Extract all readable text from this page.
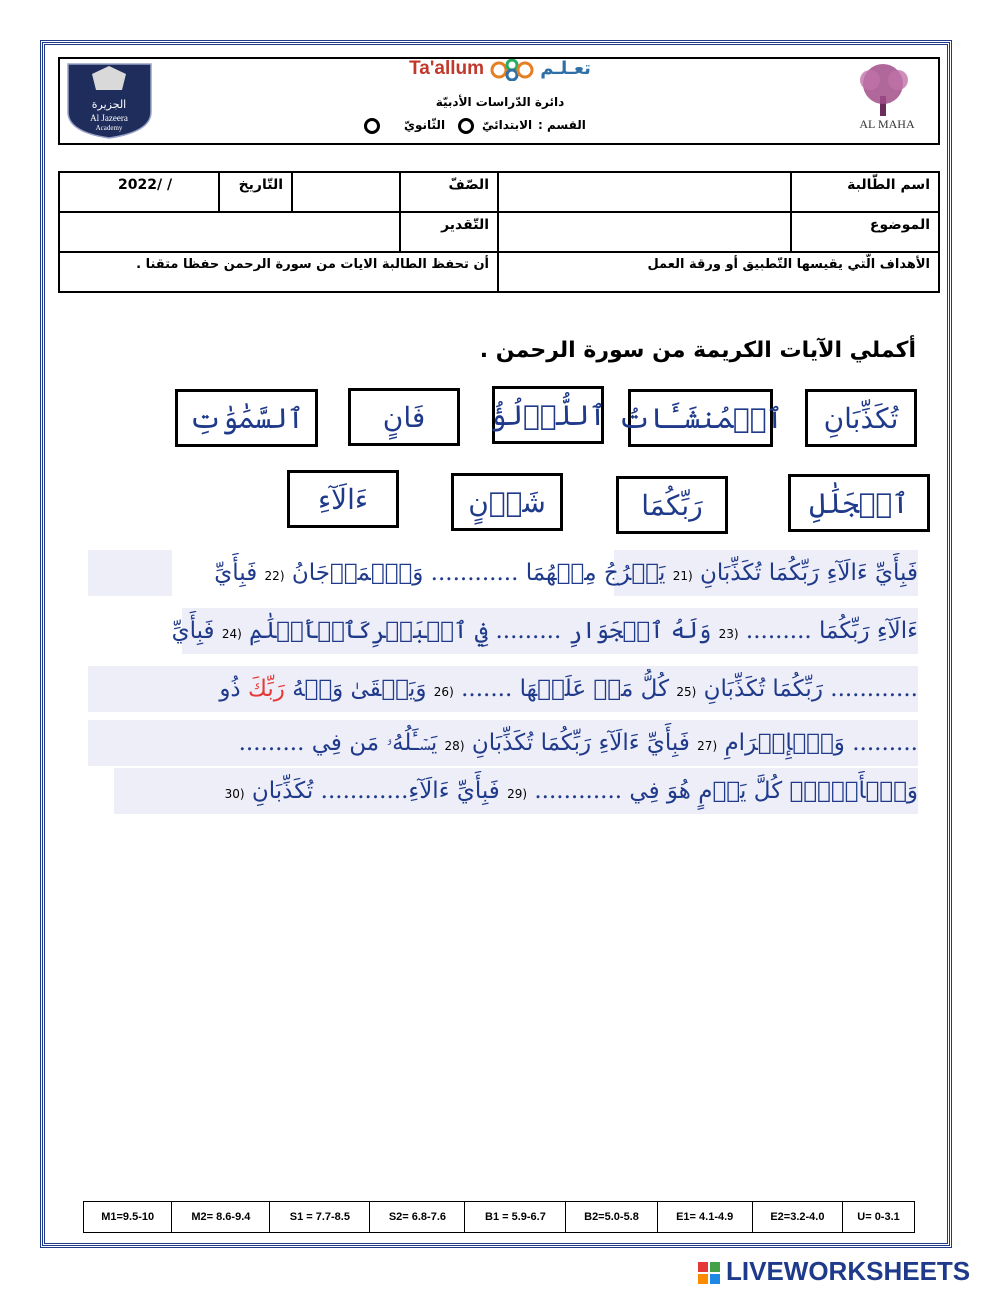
الجزيرة
Al Jazeera
Academy
Ta'allum	تعـلـم
دائرة الدّراسات الأدبيّة
القسم :
الابتدائيّ
الثّانويّ	AL MAHA
اسم الطّالبة		الصّفّ		التّاريخ	2022/ /
الموضوع		التّقدير			
الأهداف الّتي يقيسها التّطبيق أو ورقة العمل		أن تحفظ الطالبة الايات من سورة الرحمن حفظا متقنا .			
أكملي الآيات الكريمة من سورة الرحمن .
تُكَذِّبَانِ
ٱلۡمُنشَـَٔاتُ
ٱللُّؤۡلُؤُ
فَانٍ
ٱلسَّمَٰوَٰتِ
ٱلۡجَلَٰلِ
رَبِّكُمَا
شَأۡنٍ
ءَالَآءِ
فَبِأَيِّ ءَالَآءِ رَبِّكُمَا تُكَذِّبَانِ (21 يَخۡرُجُ مِنۡهُمَا ............ وَٱلۡمَرۡجَانُ (22 فَبِأَيِّ
ءَالَآءِ رَبِّكُمَا ......... (23 وَلَهُ ٱلۡجَوَارِ ......... فِي ٱلۡبَحۡرِكَٱلۡأَعۡلَٰمِ (24 فَبِأَيِّ
............ رَبِّكُمَا تُكَذِّبَانِ (25 كُلُّ مَنۡ عَلَيۡهَا ....... (26 وَيَبۡقَىٰ وَجۡهُ رَبِّكَ ذُو
......... وَٱلۡإِكۡرَامِ (27 فَبِأَيِّ ءَالَآءِ رَبِّكُمَا تُكَذِّبَانِ (28 يَسۡـَٔلُهُۥ مَن فِي .........
وَٱلۡأَرۡضِۚ كُلَّ يَوۡمٍ هُوَ فِي ............ (29 فَبِأَيِّ ءَالَآءِ............ تُكَذِّبَانِ (30
M1=9.5-10	M2= 8.6-9.4	S1 = 7.7-8.5	S2= 6.8-7.6	B1 = 5.9-6.7	B2=5.0-5.8	E1= 4.1-4.9	E2=3.2-4.0	U= 0-3.1
LIVEWORKSHEETS
